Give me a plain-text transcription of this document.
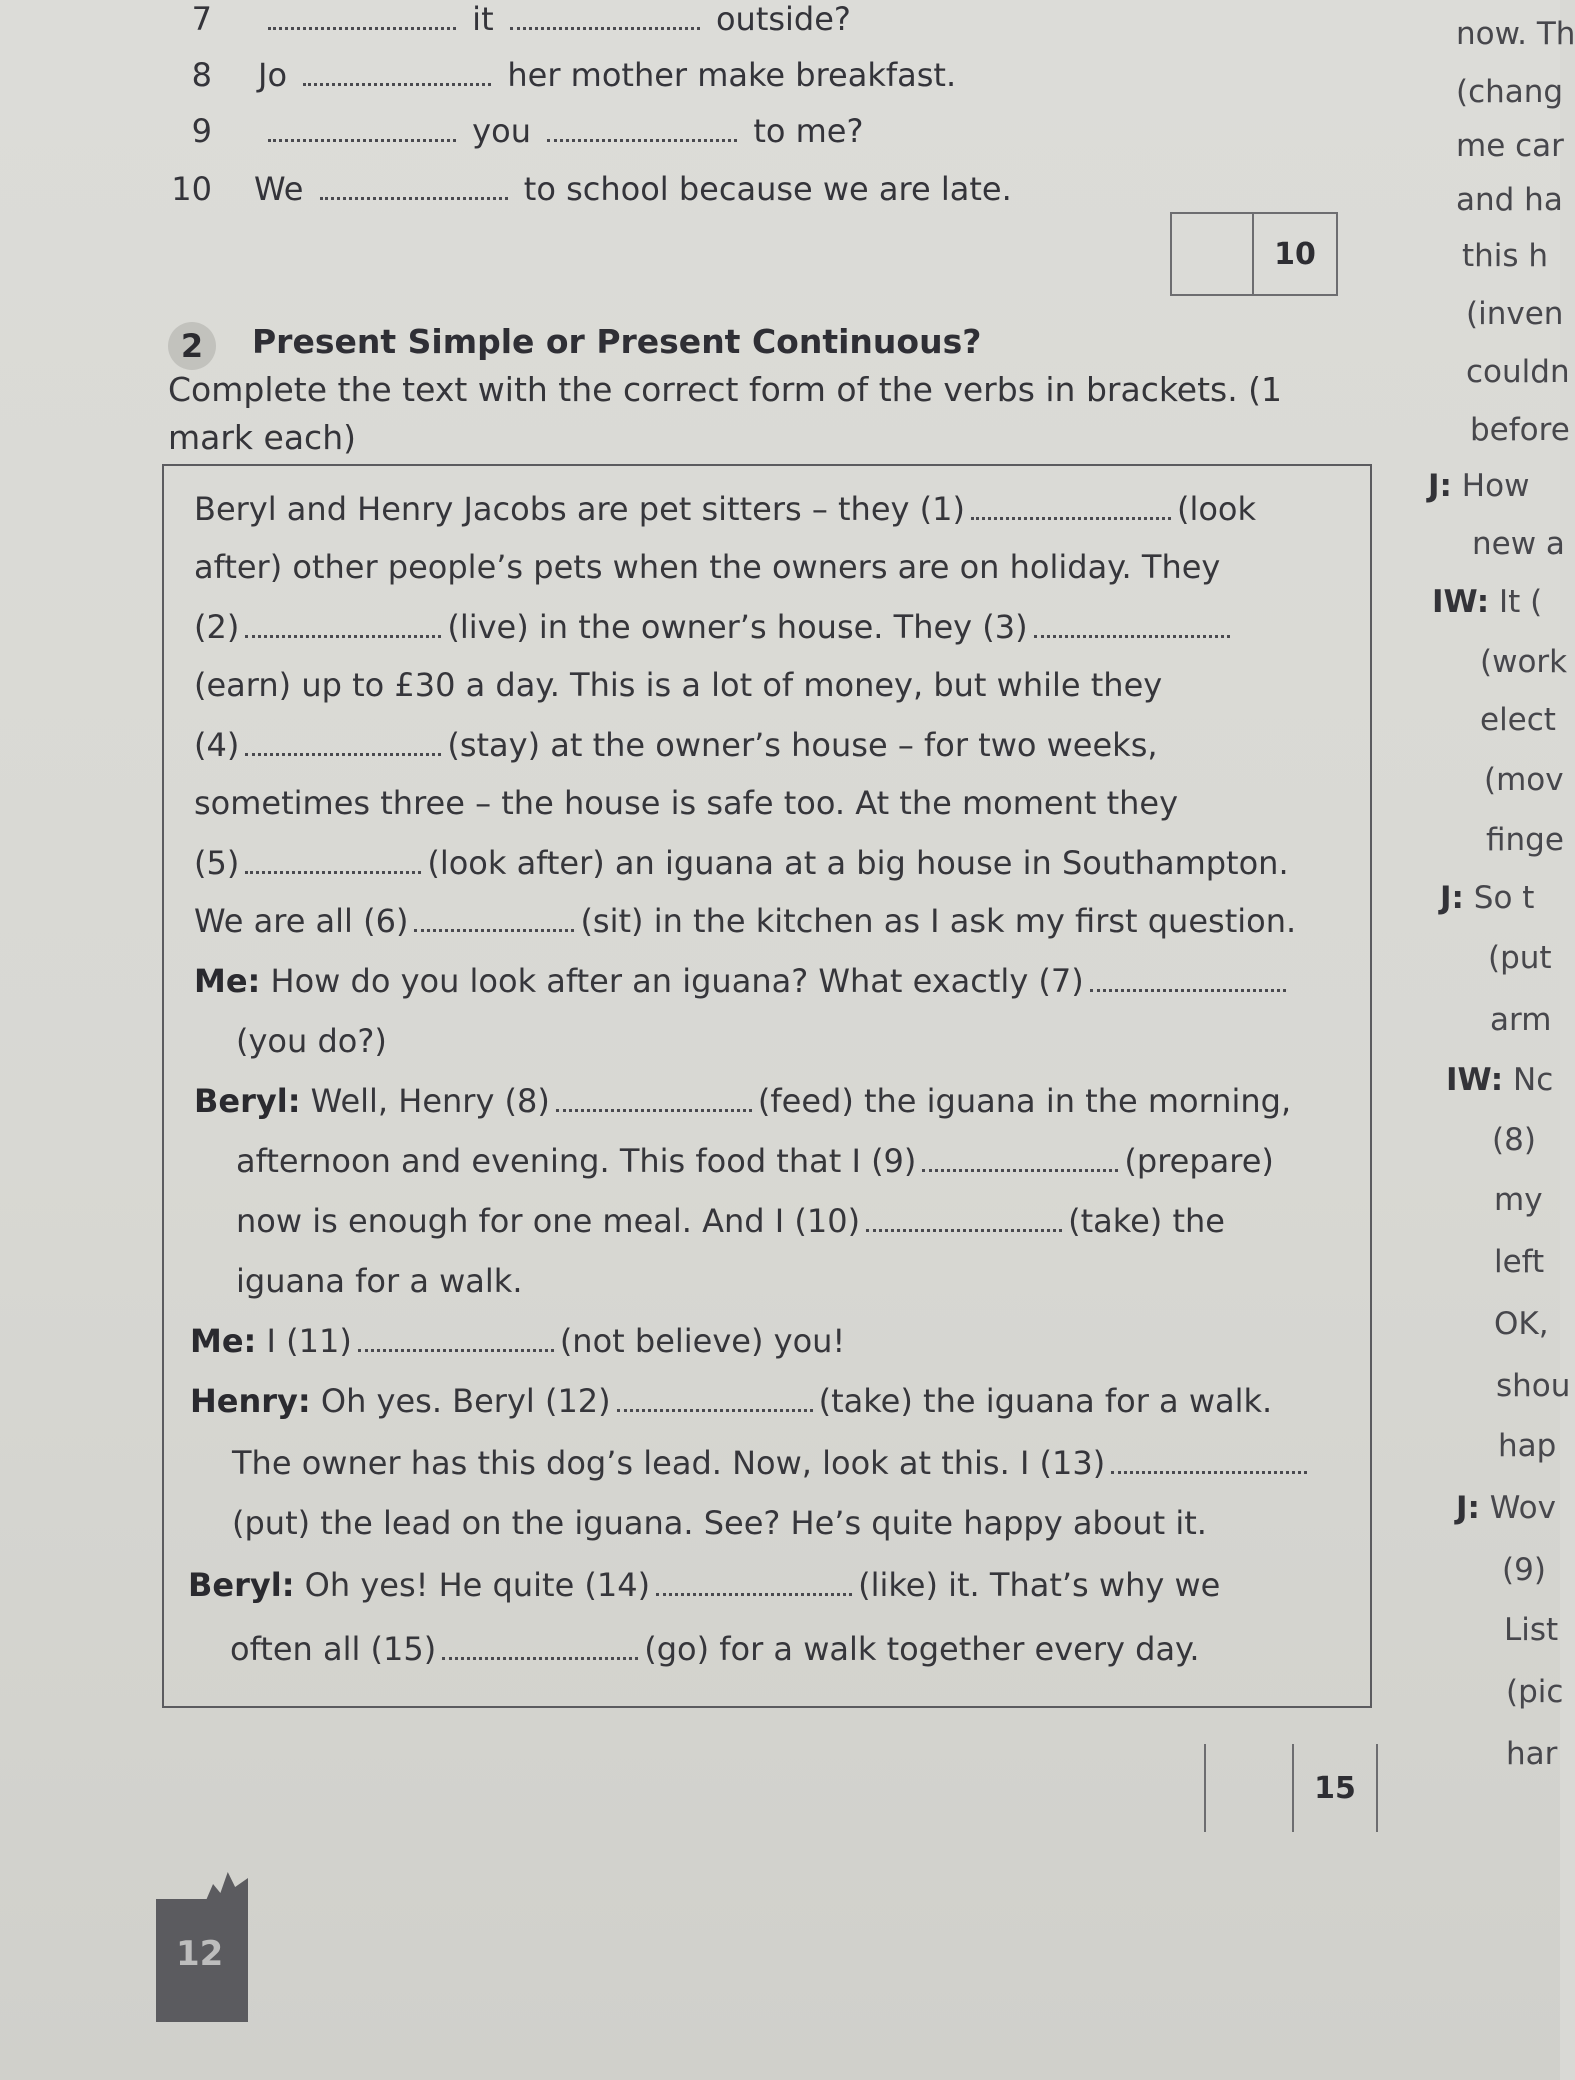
7	it	outside?
8 Jo	her mother make breakfast.
9	you	to me?
10 We	to school because we are late.
10
2	Present Simple or Present Continuous?
Complete the text with the correct form of the verbs in brackets. (1 mark each)
Beryl and Henry Jacobs are pet sitters – they (1)	(look
after) other people’s pets when the owners are on holiday. They
(2)	(live) in the owner’s house. They (3)
(earn) up to £30 a day. This is a lot of money, but while they
(4)	(stay) at the owner’s house – for two weeks,
sometimes three – the house is safe too. At the moment they
(5)	(look after) an iguana at a big house in Southampton.
We are all (6)	(sit) in the kitchen as I ask my first question.
Me: How do you look after an iguana? What exactly (7)
(you do?)
Beryl: Well, Henry (8)	(feed) the iguana in the morning,
afternoon and evening. This food that I (9)	(prepare)
now is enough for one meal. And I (10)	(take) the
iguana for a walk.
Me: I (11)	(not believe) you!
Henry: Oh yes. Beryl (12)	(take) the iguana for a walk.
The owner has this dog’s lead. Now, look at this. I (13)
(put) the lead on the iguana. See? He’s quite happy about it.
Beryl: Oh yes! He quite (14)	(like) it. That’s why we
often all (15)	(go) for a walk together every day.
15
now. Th
(chang
me car
and ha
this h
(inven
couldn
before
J: How
new a
IW: It (
(work
elect
(mov
finge
J: So t
(put
arm
IW: Nc
(8)
my
left
OK,
shou
hap
J: Wov
(9)
List
(pic
har
12
